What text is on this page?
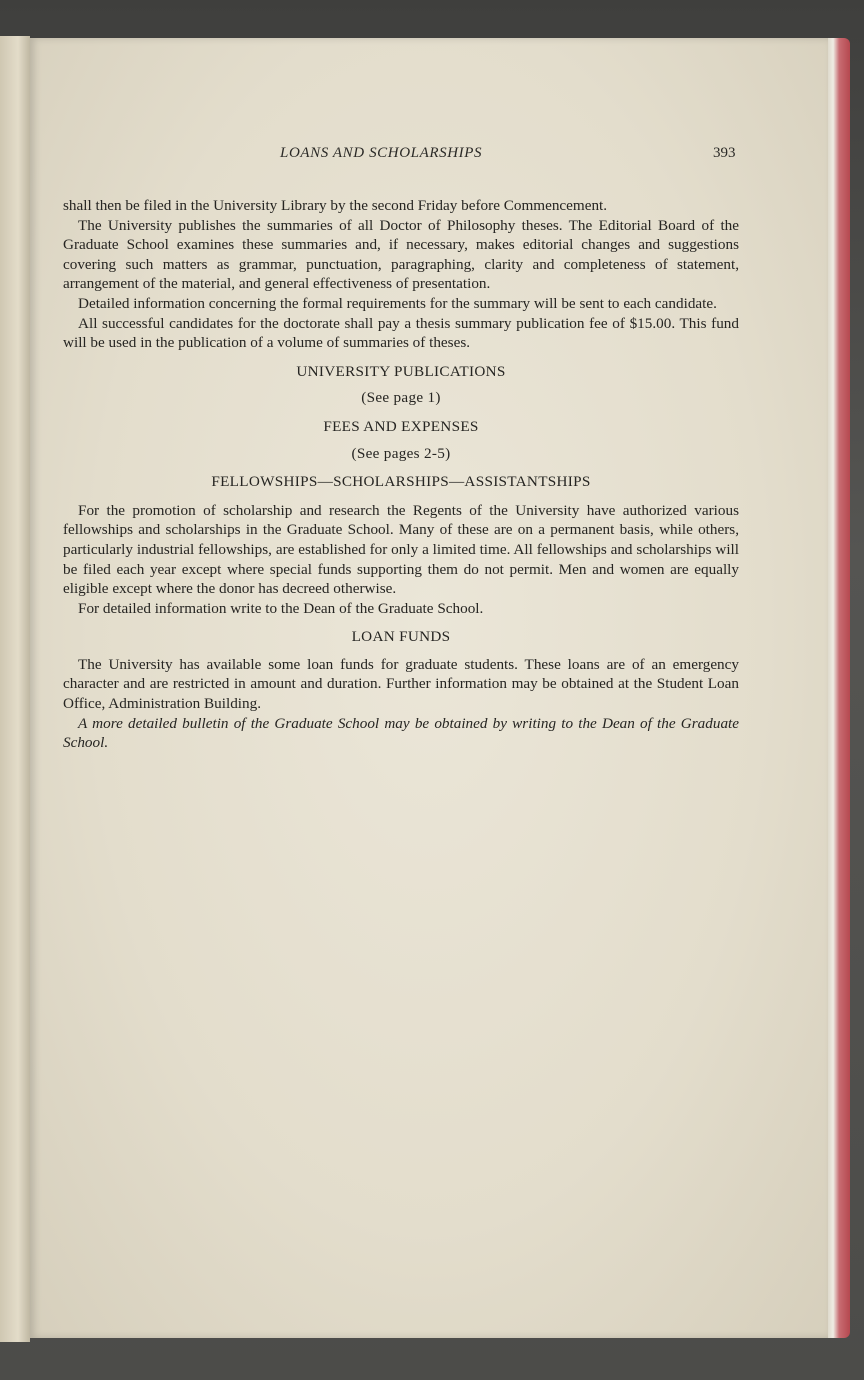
LOANS AND SCHOLARSHIPS	393

shall then be filed in the University Library by the second Friday before Commencement.

The University publishes the summaries of all Doctor of Philosophy theses. The Editorial Board of the Graduate School examines these summaries and, if necessary, makes editorial changes and suggestions covering such matters as grammar, punctuation, paragraphing, clarity and completeness of statement, arrangement of the material, and general effectiveness of presentation.

Detailed information concerning the formal requirements for the summary will be sent to each candidate.

All successful candidates for the doctorate shall pay a thesis summary publication fee of $15.00. This fund will be used in the publication of a volume of summaries of theses.

UNIVERSITY PUBLICATIONS
(See page 1)
FEES AND EXPENSES
(See pages 2-5)
FELLOWSHIPS—SCHOLARSHIPS—ASSISTANTSHIPS

For the promotion of scholarship and research the Regents of the University have authorized various fellowships and scholarships in the Graduate School. Many of these are on a permanent basis, while others, particularly industrial fellowships, are established for only a limited time. All fellowships and scholarships will be filed each year except where special funds supporting them do not permit. Men and women are equally eligible except where the donor has decreed otherwise.

For detailed information write to the Dean of the Graduate School.

LOAN FUNDS

The University has available some loan funds for graduate students. These loans are of an emergency character and are restricted in amount and duration. Further information may be obtained at the Student Loan Office, Administration Building.

A more detailed bulletin of the Graduate School may be obtained by writing to the Dean of the Graduate School.
